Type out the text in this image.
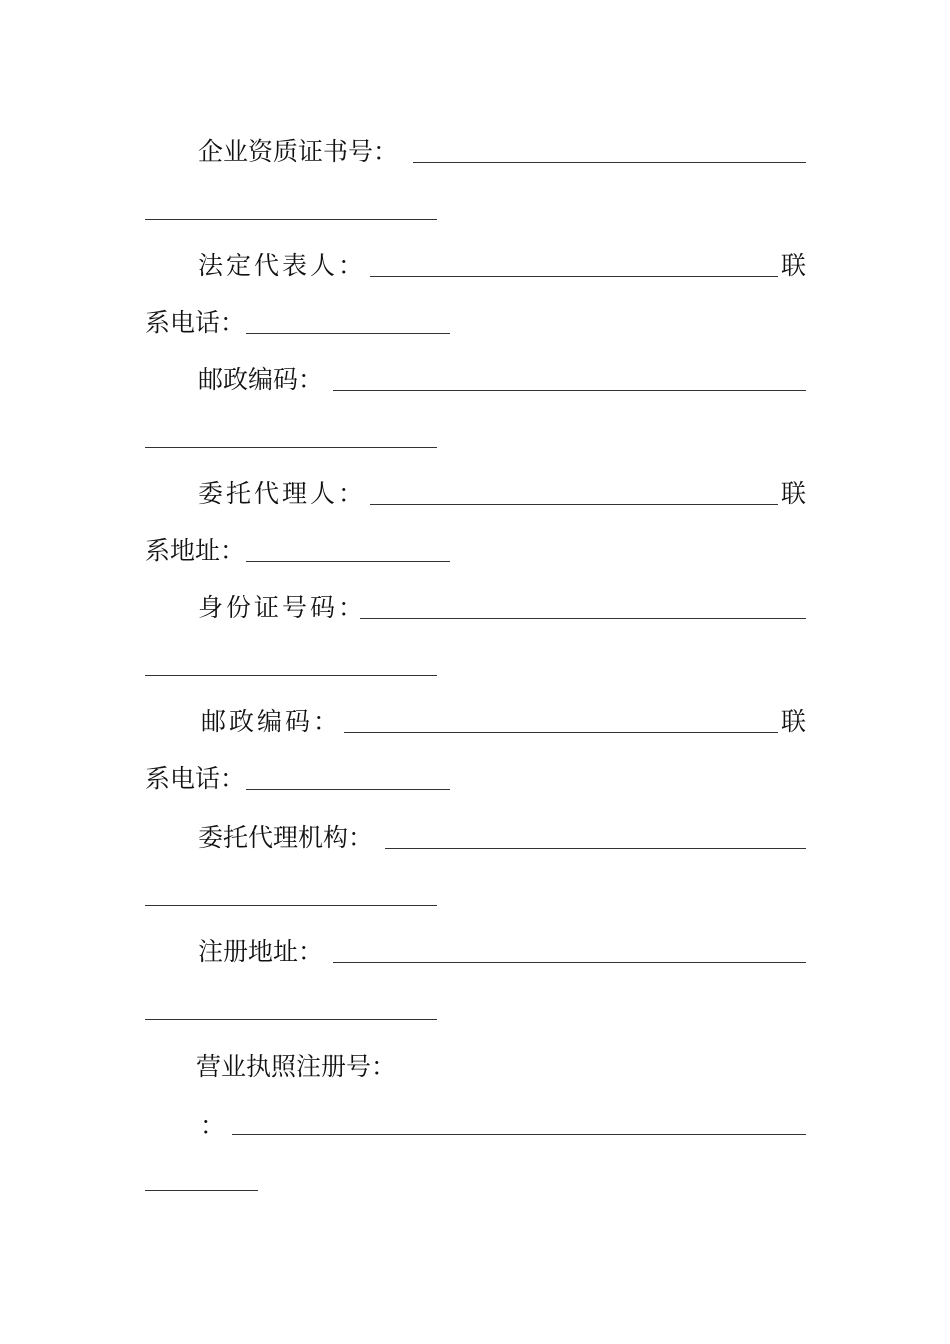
企业资质证书号：
法定代表人：	联
系电话：
邮政编码：
委托代理人：	联
系地址：
身份证号码：
邮政编码：	联
系电话：
委托代理机构：
注册地址：
营业执照注册号：
：
